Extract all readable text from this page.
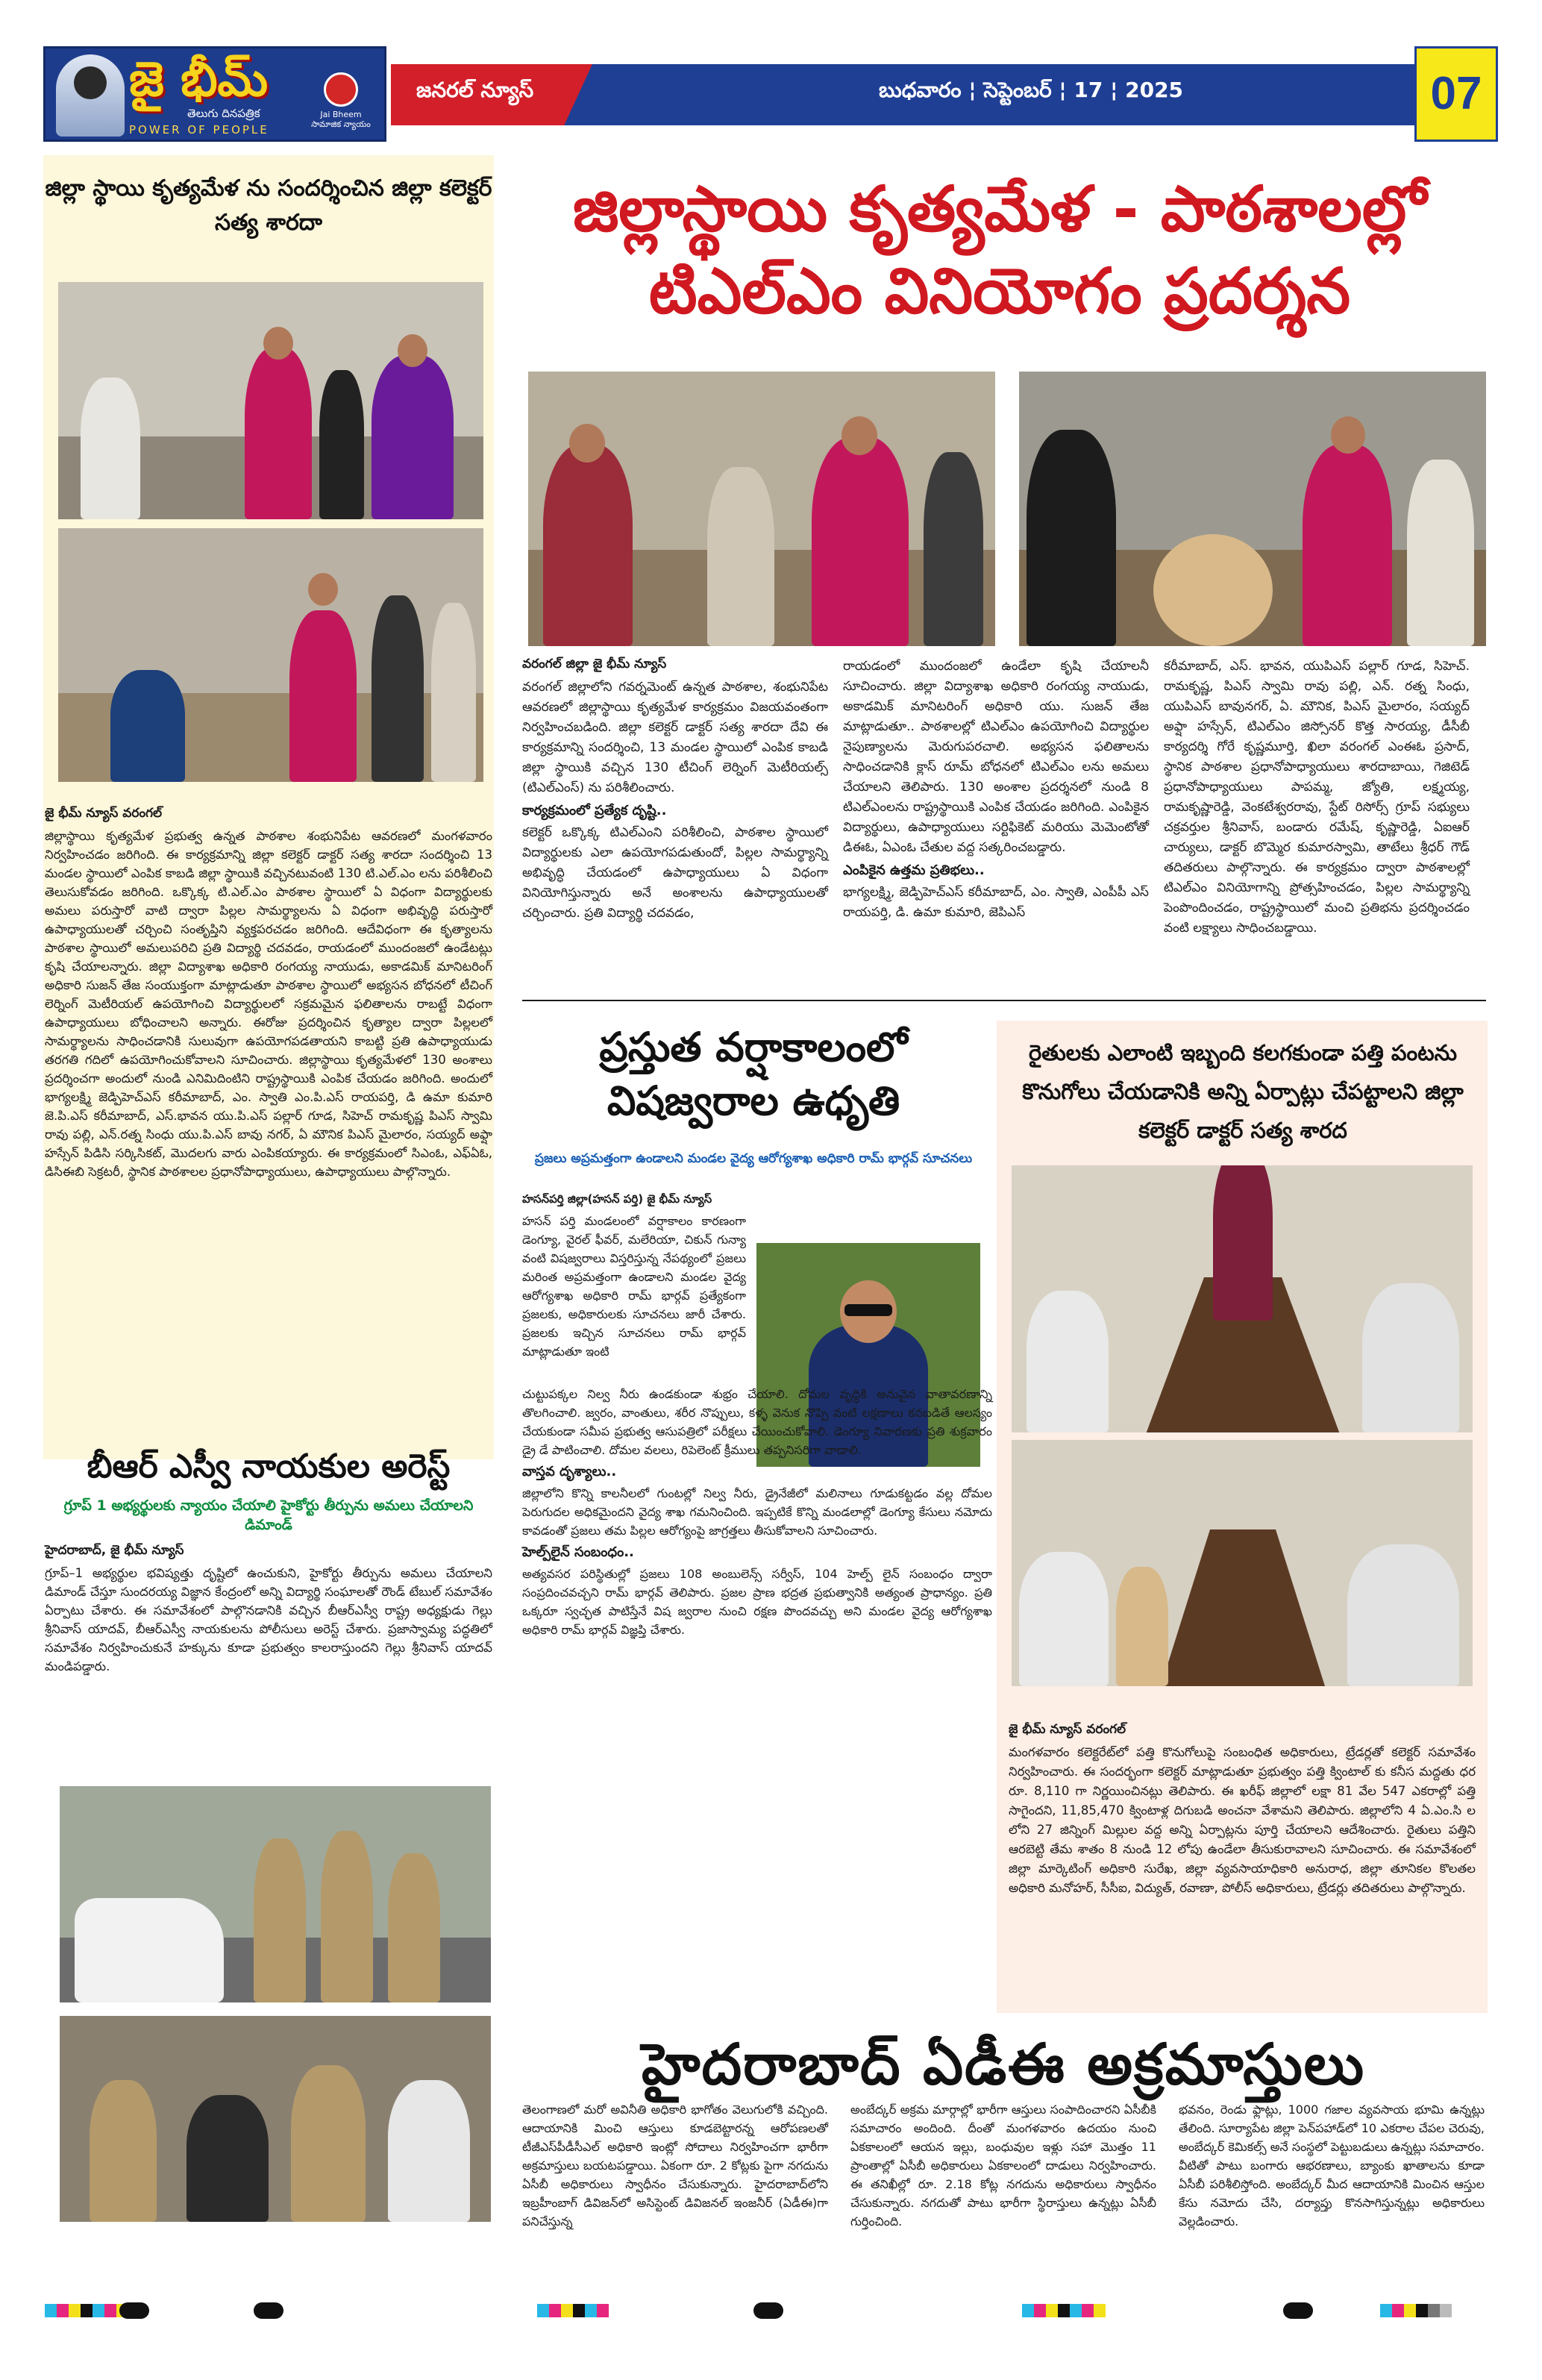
జై భీమ్
తెలుగు దినపత్రిక
POWER OF PEOPLE
Jai Bheem
సామాజిక న్యాయం
జనరల్ న్యూస్	బుధవారం ¦ సెప్టెంబర్ ¦ 17 ¦ 2025	07
జిల్లా స్థాయి కృత్యమేళ ను సందర్శించిన జిల్లా కలెక్టర్ సత్య శారదా
జై భీమ్ న్యూస్ వరంగల్
జిల్లాస్థాయి కృత్యమేళ ప్రభుత్వ ఉన్నత పాఠశాల శంభునిపేట ఆవరణలో మంగళవారం నిర్వహించడం జరిగింది. ఈ కార్యక్రమాన్ని జిల్లా కలెక్టర్ డాక్టర్ సత్య శారదా సందర్శించి 13 మండల స్థాయిలో ఎంపిక కాబడి జిల్లా స్థాయికి వచ్చినటువంటి 130 టి.ఎల్.ఎం లను పరిశీలించి తెలుసుకోవడం జరిగింది. ఒక్కొక్క టి.ఎల్.ఎం పాఠశాల స్థాయిలో ఏ విధంగా విద్యార్థులకు అమలు పరుస్తారో వాటి ద్వారా పిల్లల సామర్థ్యాలను ఏ విధంగా అభివృద్ధి పరుస్తారో ఉపాధ్యాయులతో చర్చించి సంతృప్తిని వ్యక్తపరచడం జరిగింది. ఆదేవిధంగా ఈ కృత్యాలను పాఠశాల స్థాయిలో అమలుపరిచి ప్రతి విద్యార్థి చదవడం, రాయడంలో ముందంజలో ఉండేటట్లు కృషి చేయాలన్నారు. జిల్లా విద్యాశాఖ అధికారి రంగయ్య నాయుడు, అకాడమిక్ మానిటరింగ్ అధికారి సుజన్ తేజ సంయుక్తంగా మాట్లాడుతూ పాఠశాల స్థాయిలో అభ్యసన బోధనలో టీచింగ్ లెర్నింగ్ మెటీరియల్ ఉపయోగించి విద్యార్థులలో సక్రమమైన ఫలితాలను రాబట్టే విధంగా ఉపాధ్యాయులు బోధించాలని అన్నారు. ఈరోజు ప్రదర్శించిన కృత్యాల ద్వారా పిల్లలలో సామర్థ్యాలను సాధించడానికి సులువుగా ఉపయోగపడతాయని కాబట్టి ప్రతి ఉపాధ్యాయుడు తరగతి గదిలో ఉపయోగించుకోవాలని సూచించారు. జిల్లాస్థాయి కృత్యమేళలో 130 అంశాలు ప్రదర్శించగా అందులో నుండి ఎనిమిదింటిని రాష్ట్రస్థాయికి ఎంపిక చేయడం జరిగింది. అందులో భాగ్యలక్ష్మి జెడ్పిహెచ్ఎస్ కరీమాబాద్, ఎం. స్వాతి ఎం.పి.ఎస్ రాయపర్తి, డి ఉమా కుమారి జె.పి.ఎస్ కరీమాబాద్, ఎస్.భావన యు.పి.ఎస్ పల్లార్ గూడ, సిహెచ్ రామకృష్ణ పిఎస్ స్వామి రావు పల్లి, ఎన్.రత్న సింధు యు.పి.ఎస్ బావు నగర్, ఏ మౌనిక పిఎస్ మైలారం, సయ్యద్ అఫ్షా హస్సేన్ పిడిసి సర్కిసికట్, మొదలగు వారు ఎంపికయ్యారు. ఈ కార్యక్రమంలో సిఎంఓ, ఎఫ్ఏఓ, డిసిఈబి సెక్రటరీ, స్థానిక పాఠశాలల ప్రధానోపాధ్యాయులు, ఉపాధ్యాయులు పాల్గొన్నారు.
బీఆర్ ఎస్వీ నాయకుల అరెస్ట్
గ్రూప్ 1 అభ్యర్థులకు న్యాయం చేయాలి హైకోర్టు తీర్పును అమలు చేయాలని డిమాండ్
హైదరాబాద్, జై భీమ్ న్యూస్
గ్రూప్–1 అభ్యర్థుల భవిష్యత్తు దృష్టిలో ఉంచుకుని, హైకోర్టు తీర్పును అమలు చేయాలని డిమాండ్ చేస్తూ సుందరయ్య విజ్ఞాన కేంద్రంలో అన్ని విద్యార్థి సంఘాలతో రౌండ్ టేబుల్ సమావేశం ఏర్పాటు చేశారు. ఈ సమావేశంలో పాల్గొనడానికి వచ్చిన బీఆర్ఎస్వీ రాష్ట్ర అధ్యక్షుడు గెల్లు శ్రీనివాస్ యాదవ్, బీఆర్ఎస్వీ నాయకులను పోలీసులు అరెస్ట్ చేశారు. ప్రజాస్వామ్య పద్ధతిలో సమావేశం నిర్వహించుకునే హక్కును కూడా ప్రభుత్వం కాలరాస్తుందని గెల్లు శ్రీనివాస్ యాదవ్ మండిపడ్డారు.
జిల్లాస్థాయి కృత్యమేళ - పాఠశాలల్లో టిఎల్ఎం వినియోగం ప్రదర్శన
వరంగల్ జిల్లా జై భీమ్ న్యూస్
వరంగల్ జిల్లాలోని గవర్నమెంట్ ఉన్నత పాఠశాల, శంభునిపేట ఆవరణలో జిల్లాస్థాయి కృత్యమేళ కార్యక్రమం విజయవంతంగా నిర్వహించబడింది. జిల్లా కలెక్టర్ డాక్టర్ సత్య శారదా దేవి ఈ కార్యక్రమాన్ని సందర్శించి, 13 మండల స్థాయిలో ఎంపిక కాబడి జిల్లా స్థాయికి వచ్చిన 130 టీచింగ్ లెర్నింగ్ మెటీరియల్స్ (టిఎల్ఎంస్) ను పరిశీలించారు.
కార్యక్రమంలో ప్రత్యేక దృష్టి..
కలెక్టర్ ఒక్కొక్క టిఎల్ఎంని పరిశీలించి, పాఠశాల స్థాయిలో విద్యార్థులకు ఎలా ఉపయోగపడుతుందో, పిల్లల సామర్థ్యాన్ని అభివృద్ధి చేయడంలో ఉపాధ్యాయులు ఏ విధంగా వినియోగిస్తున్నారు అనే అంశాలను ఉపాధ్యాయులతో చర్చించారు. ప్రతి విద్యార్థి చదవడం,
రాయడంలో ముందంజలో ఉండేలా కృషి చేయాలనీ సూచించారు. జిల్లా విద్యాశాఖ అధికారి రంగయ్య నాయుడు, అకాడమిక్ మానిటరింగ్ అధికారి యు. సుజన్ తేజ మాట్లాడుతూ.. పాఠశాలల్లో టిఎల్ఎం ఉపయోగించి విద్యార్థుల నైపుణ్యాలను మెరుగుపరచాలి. అభ్యసన ఫలితాలను సాధించడానికి క్లాస్ రూమ్ బోధనలో టిఎల్ఎం లను అమలు చేయాలని తెలిపారు. 130 అంశాల ప్రదర్శనలో నుండి 8 టిఎల్ఎంలను రాష్ట్రస్థాయికి ఎంపిక చేయడం జరిగింది. ఎంపికైన విద్యార్థులు, ఉపాధ్యాయులు సర్టిఫికెట్ మరియు మెమెంటోతో డిఈఓ, ఏఎంఓ చేతుల వద్ద సత్కరించబడ్డారు.
ఎంపికైన ఉత్తమ ప్రతిభలు..
భాగ్యలక్ష్మి, జెడ్పిహెచ్ఎస్ కరీమాబాద్, ఎం. స్వాతి, ఎంపీపీ ఎస్ రాయపర్తి, డి. ఉమా కుమారి, జెపిఎస్
కరీమాబాద్, ఎస్. భావన, యుపిఎస్ పల్లార్ గూడ, సిహెచ్. రామకృష్ణ, పిఎస్ స్వామి రావు పల్లి, ఎన్. రత్న సింధు, యుపిఎస్ బావునగర్, ఏ. మౌనిక, పిఎస్ మైలారం, సయ్యద్ అఫ్షా హస్సేన్, టిఎల్ఎం జిస్సోనర్ కొత్త సారయ్య, డీసీబీ కార్యదర్శి గోరే కృష్ణమూర్తి, ఖిలా వరంగల్ ఎంఈఓ ప్రసాద్, స్థానిక పాఠశాల ప్రధానోపాధ్యాయులు శారదాబాయి, గెజిటెడ్ ప్రధానోపాధ్యాయులు పాపమ్మ, జ్యోతి, లక్ష్మయ్య, రామకృష్ణారెడ్డి, వెంకటేశ్వరరావు, స్టేట్ రిసోర్స్ గ్రూప్ సభ్యులు చక్రవర్తుల శ్రీనివాస్, బండారు రమేష్, కృష్ణారెడ్డి, ఏఐఆర్ చార్యులు, డాక్టర్ బొమ్మెర కుమారస్వామి, తాటేలు శ్రీధర్ గౌడ్ తదితరులు పాల్గొన్నారు. ఈ కార్యక్రమం ద్వారా పాఠశాలల్లో టిఎల్ఎం వినియోగాన్ని ప్రోత్సహించడం, పిల్లల సామర్థ్యాన్ని పెంపొందించడం, రాష్ట్రస్థాయిలో మంచి ప్రతిభను ప్రదర్శించడం వంటి లక్ష్యాలు సాధించబడ్డాయి.
ప్రస్తుత వర్షాకాలంలో విషజ్వరాల ఉధృతి
ప్రజలు అప్రమత్తంగా ఉండాలని మండల వైద్య ఆరోగ్యశాఖ అధికారి రామ్ భార్గవ్ సూచనలు
హసన్‌పర్తి జిల్లా(హసన్ పర్తి) జై భీమ్ న్యూస్
హసన్ పర్తి మండలంలో వర్షాకాలం కారణంగా డెంగ్యూ, వైరల్ ఫీవర్, మలేరియా, చికున్ గున్యా వంటి విషజ్వరాలు విస్తరిస్తున్న నేపథ్యంలో ప్రజలు మరింత అప్రమత్తంగా ఉండాలని మండల వైద్య ఆరోగ్యశాఖ అధికారి రామ్ భార్గవ్ ప్రత్యేకంగా ప్రజలకు, అధికారులకు సూచనలు జారీ చేశారు. ప్రజలకు ఇచ్చిన సూచనలు రామ్ భార్గవ్ మాట్లాడుతూ ఇంటి
చుట్టుపక్కల నిల్వ నీరు ఉండకుండా శుభ్రం చేయాలి. దోమల వృద్ధికి అనువైన వాతావరణాన్ని తొలగించాలి. జ్వరం, వాంతులు, శరీర నొప్పులు, కళ్ళ వెనుక నొప్పి వంటి లక్షణాలు కనబడితే ఆలస్యం చేయకుండా సమీప ప్రభుత్వ ఆసుపత్రిలో పరీక్షలు చేయించుకోవాలి. డెంగ్యూ నివారణకు ప్రతి శుక్రవారం డ్రై డే పాటించాలి. దోమల వలలు, రిపెలెంట్ క్రీములు తప్పనిసరిగా వాడాలి.
వాస్తవ దృశ్యాలు..
జిల్లాలోని కొన్ని కాలనీలలో గుంటల్లో నిల్వ నీరు, డ్రైనేజీలో మలినాలు గూడుకట్టడం వల్ల దోమల పెరుగుదల అధికమైందని వైద్య శాఖ గమనించింది. ఇప్పటికే కొన్ని మండలాల్లో డెంగ్యూ కేసులు నమోదు కావడంతో ప్రజలు తమ పిల్లల ఆరోగ్యంపై జాగ్రత్తలు తీసుకోవాలని సూచించారు.
హెల్ప్‌లైన్ సంబంధం..
అత్యవసర పరిస్థితుల్లో ప్రజలు 108 అంబులెన్స్ సర్వీస్, 104 హెల్ప్ లైన్ సంబంధం ద్వారా సంప్రదించవచ్చని రామ్ భార్గవ్ తెలిపారు. ప్రజల ప్రాణ భద్రత ప్రభుత్వానికి అత్యంత ప్రాధాన్యం. ప్రతి ఒక్కరూ స్వచ్ఛత పాటిస్తేనే విష జ్వరాల నుంచి రక్షణ పొందవచ్చు అని మండల వైద్య ఆరోగ్యశాఖ అధికారి రామ్ భార్గవ్ విజ్ఞప్తి చేశారు.
రైతులకు ఎలాంటి ఇబ్బంది కలగకుండా పత్తి పంటను కొనుగోలు చేయడానికి అన్ని ఏర్పాట్లు చేపట్టాలని జిల్లా కలెక్టర్ డాక్టర్ సత్య శారద
జై భీమ్ న్యూస్ వరంగల్
మంగళవారం కలెక్టరేట్‌లో పత్తి కొనుగోలుపై సంబంధిత అధికారులు, ట్రేడర్లతో కలెక్టర్ సమావేశం నిర్వహించారు. ఈ సందర్భంగా కలెక్టర్ మాట్లాడుతూ ప్రభుత్వం పత్తి క్వింటాల్ కు కనీస మద్దతు ధర రూ. 8,110 గా నిర్ణయించినట్లు తెలిపారు. ఈ ఖరీఫ్ జిల్లాలో లక్షా 81 వేల 547 ఎకరాల్లో పత్తి సాగైందని, 11,85,470 క్వింటాళ్ల దిగుబడి అంచనా వేశామని తెలిపారు. జిల్లాలోని 4 ఏ.ఎం.సి ల లోని 27 జిన్నింగ్ మిల్లుల వద్ద అన్ని ఏర్పాట్లను పూర్తి చేయాలని ఆదేశించారు. రైతులు పత్తిని ఆరబెట్టి తేమ శాతం 8 నుండి 12 లోపు ఉండేలా తీసుకురావాలని సూచించారు. ఈ సమావేశంలో జిల్లా మార్కెటింగ్ అధికారి సురేఖ, జిల్లా వ్యవసాయాధికారి అనురాధ, జిల్లా తూనికల కొలతల అధికారి మనోహర్, సీసీఐ, విద్యుత్, రవాణా, పోలీస్ అధికారులు, ట్రేడర్లు తదితరులు పాల్గొన్నారు.
హైదరాబాద్ ఏడీఈ అక్రమాస్తులు
తెలంగాణలో మరో అవినీతి అధికారి భాగోతం వెలుగులోకి వచ్చింది. ఆదాయానికి మించి ఆస్తులు కూడబెట్టారన్న ఆరోపణలతో టీజీఎస్‌పీడీసీఎల్ అధికారి ఇంట్లో సోదాలు నిర్వహించగా భారీగా అక్రమాస్తులు బయటపడ్డాయి. ఏకంగా రూ. 2 కోట్లకు పైగా నగదును ఏసీబీ అధికారులు స్వాధీనం చేసుకున్నారు. హైదరాబాద్‌లోని ఇబ్రహీంబాగ్ డివిజన్‌లో అసిస్టెంట్ డివిజనల్ ఇంజనీర్ (ఏడీఈ)గా పనిచేస్తున్న
అంబేద్కర్ అక్రమ మార్గాల్లో భారీగా ఆస్తులు సంపాదించారని ఏసీబీకి సమాచారం అందింది. దీంతో మంగళవారం ఉదయం నుంచి ఏకకాలంలో ఆయన ఇల్లు, బంధువుల ఇళ్లు సహా మొత్తం 11 ప్రాంతాల్లో ఏసీబీ అధికారులు ఏకకాలంలో దాడులు నిర్వహించారు. ఈ తనిఖీల్లో రూ. 2.18 కోట్ల నగదును అధికారులు స్వాధీనం చేసుకున్నారు. నగదుతో పాటు భారీగా స్థిరాస్తులు ఉన్నట్లు ఏసీబీ గుర్తించింది.
భవనం, రెండు ఫ్లాట్లు, 1000 గజాల వ్యవసాయ భూమి ఉన్నట్లు తేలింది. సూర్యాపేట జిల్లా పెన్‌పహాడ్‌లో 10 ఎకరాల చేపల చెరువు, అంబేద్కర్ కెమికల్స్ అనే సంస్థలో పెట్టుబడులు ఉన్నట్లు సమాచారం. వీటితో పాటు బంగారు ఆభరణాలు, బ్యాంకు ఖాతాలను కూడా ఏసీబీ పరిశీలిస్తోంది. అంబేద్కర్ మీద ఆదాయానికి మించిన ఆస్తుల కేసు నమోదు చేసి, దర్యాప్తు కొనసాగిస్తున్నట్లు అధికారులు వెల్లడించారు.
